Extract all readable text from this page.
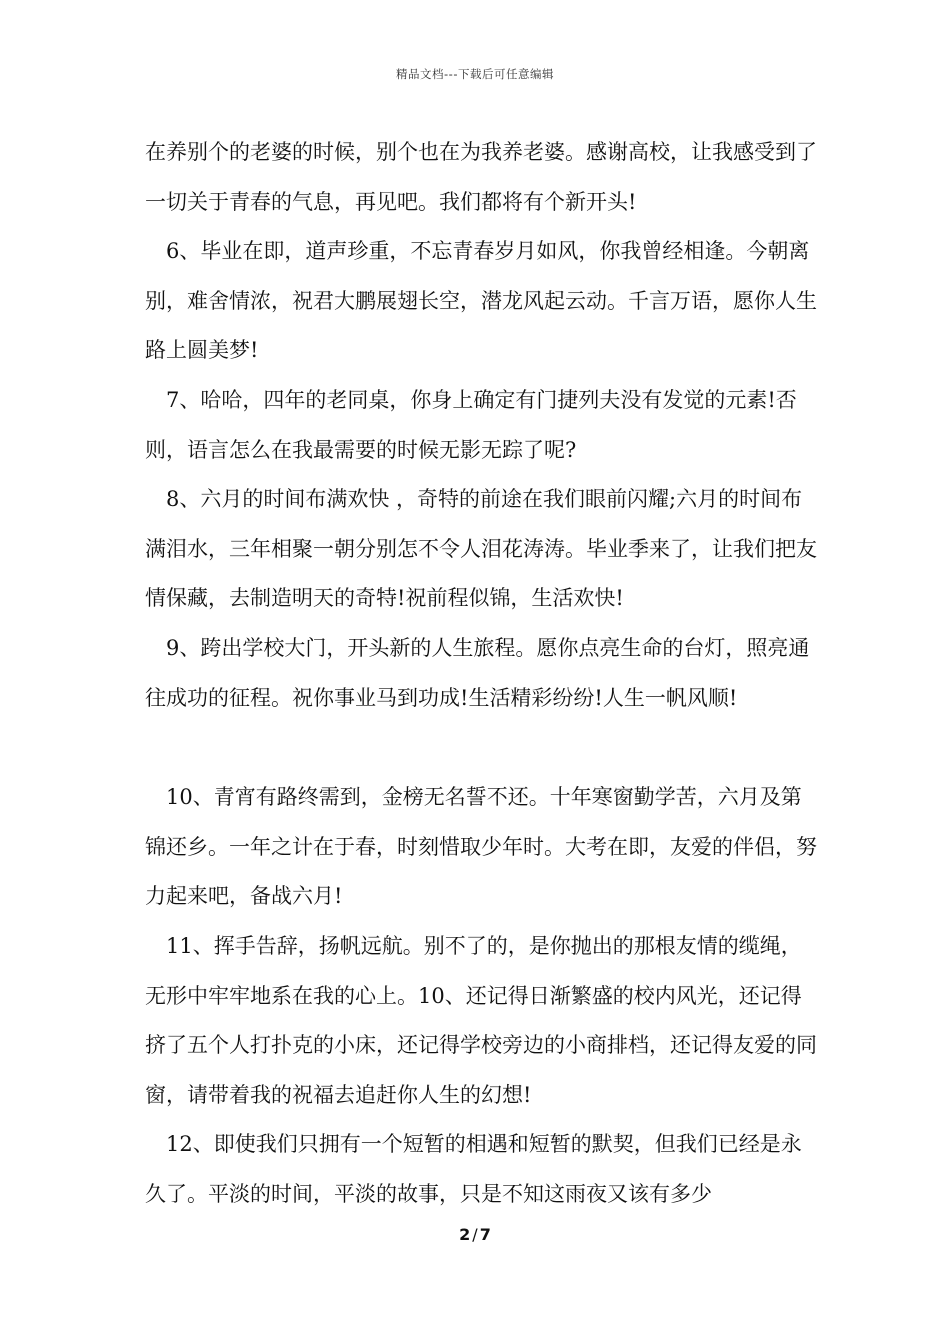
精品文档---下载后可任意编辑

在养别个的老婆的时候，别个也在为我养老婆。感谢高校，让我感受到了一切关于青春的气息，再见吧。我们都将有个新开头!

6、毕业在即，道声珍重，不忘青春岁月如风，你我曾经相逢。今朝离别，难舍情浓，祝君大鹏展翅长空，潜龙风起云动。千言万语，愿你人生路上圆美梦!

7、哈哈，四年的老同桌，你身上确定有门捷列夫没有发觉的元素!否则，语言怎么在我最需要的时候无影无踪了呢?

8、六月的时间布满欢快 ，奇特的前途在我们眼前闪耀;六月的时间布满泪水，三年相聚一朝分别怎不令人泪花涛涛。毕业季来了，让我们把友情保藏，去制造明天的奇特!祝前程似锦，生活欢快!

9、跨出学校大门，开头新的人生旅程。愿你点亮生命的台灯，照亮通往成功的征程。祝你事业马到功成!生活精彩纷纷!人生一帆风顺!

10、青宵有路终需到，金榜无名誓不还。十年寒窗勤学苦，六月及第锦还乡。一年之计在于春，时刻惜取少年时。大考在即，友爱的伴侣，努力起来吧，备战六月!

11、挥手告辞，扬帆远航。别不了的，是你抛出的那根友情的缆绳，无形中牢牢地系在我的心上。10、还记得日渐繁盛的校内风光，还记得挤了五个人打扑克的小床，还记得学校旁边的小商排档，还记得友爱的同窗，请带着我的祝福去追赶你人生的幻想!

12、即使我们只拥有一个短暂的相遇和短暂的默契，但我们已经是永久了。平淡的时间，平淡的故事，只是不知这雨夜又该有多少

2 / 7
